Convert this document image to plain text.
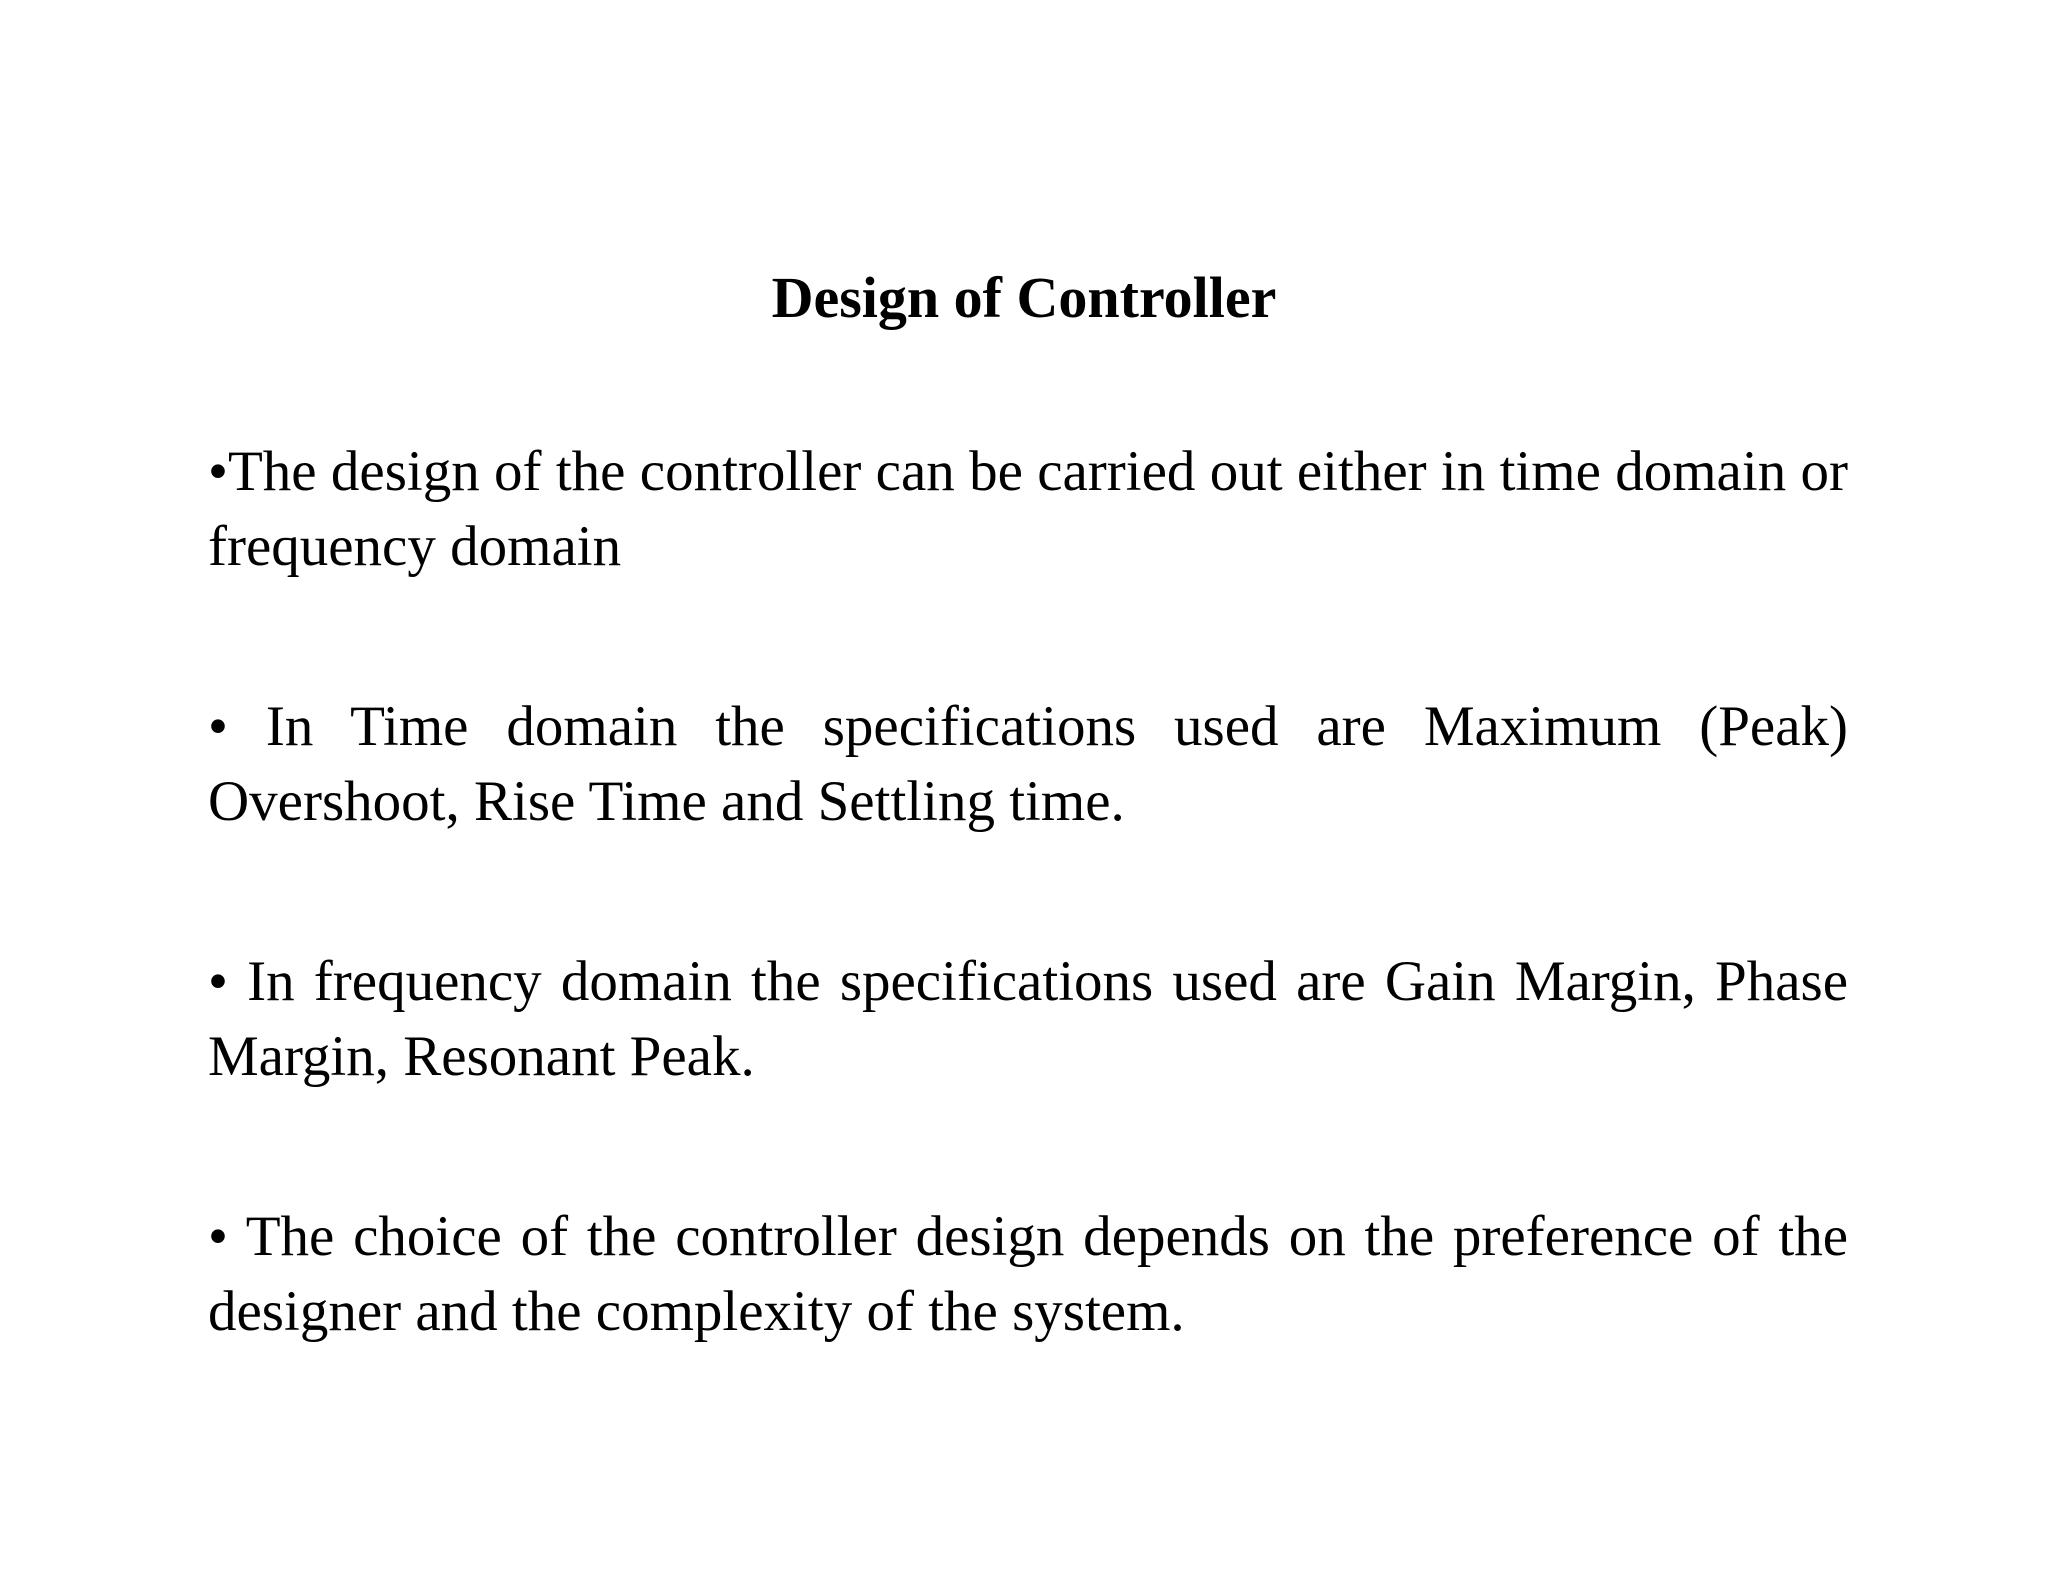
Design of Controller

•The design of the controller can be carried out either in time domain or frequency domain

• In Time domain the specifications used are Maximum (Peak) Overshoot, Rise Time and Settling time.

• In frequency domain the specifications used are Gain Margin, Phase Margin, Resonant Peak.

• The choice of the controller design depends on the preference of the designer and the complexity of the system.
